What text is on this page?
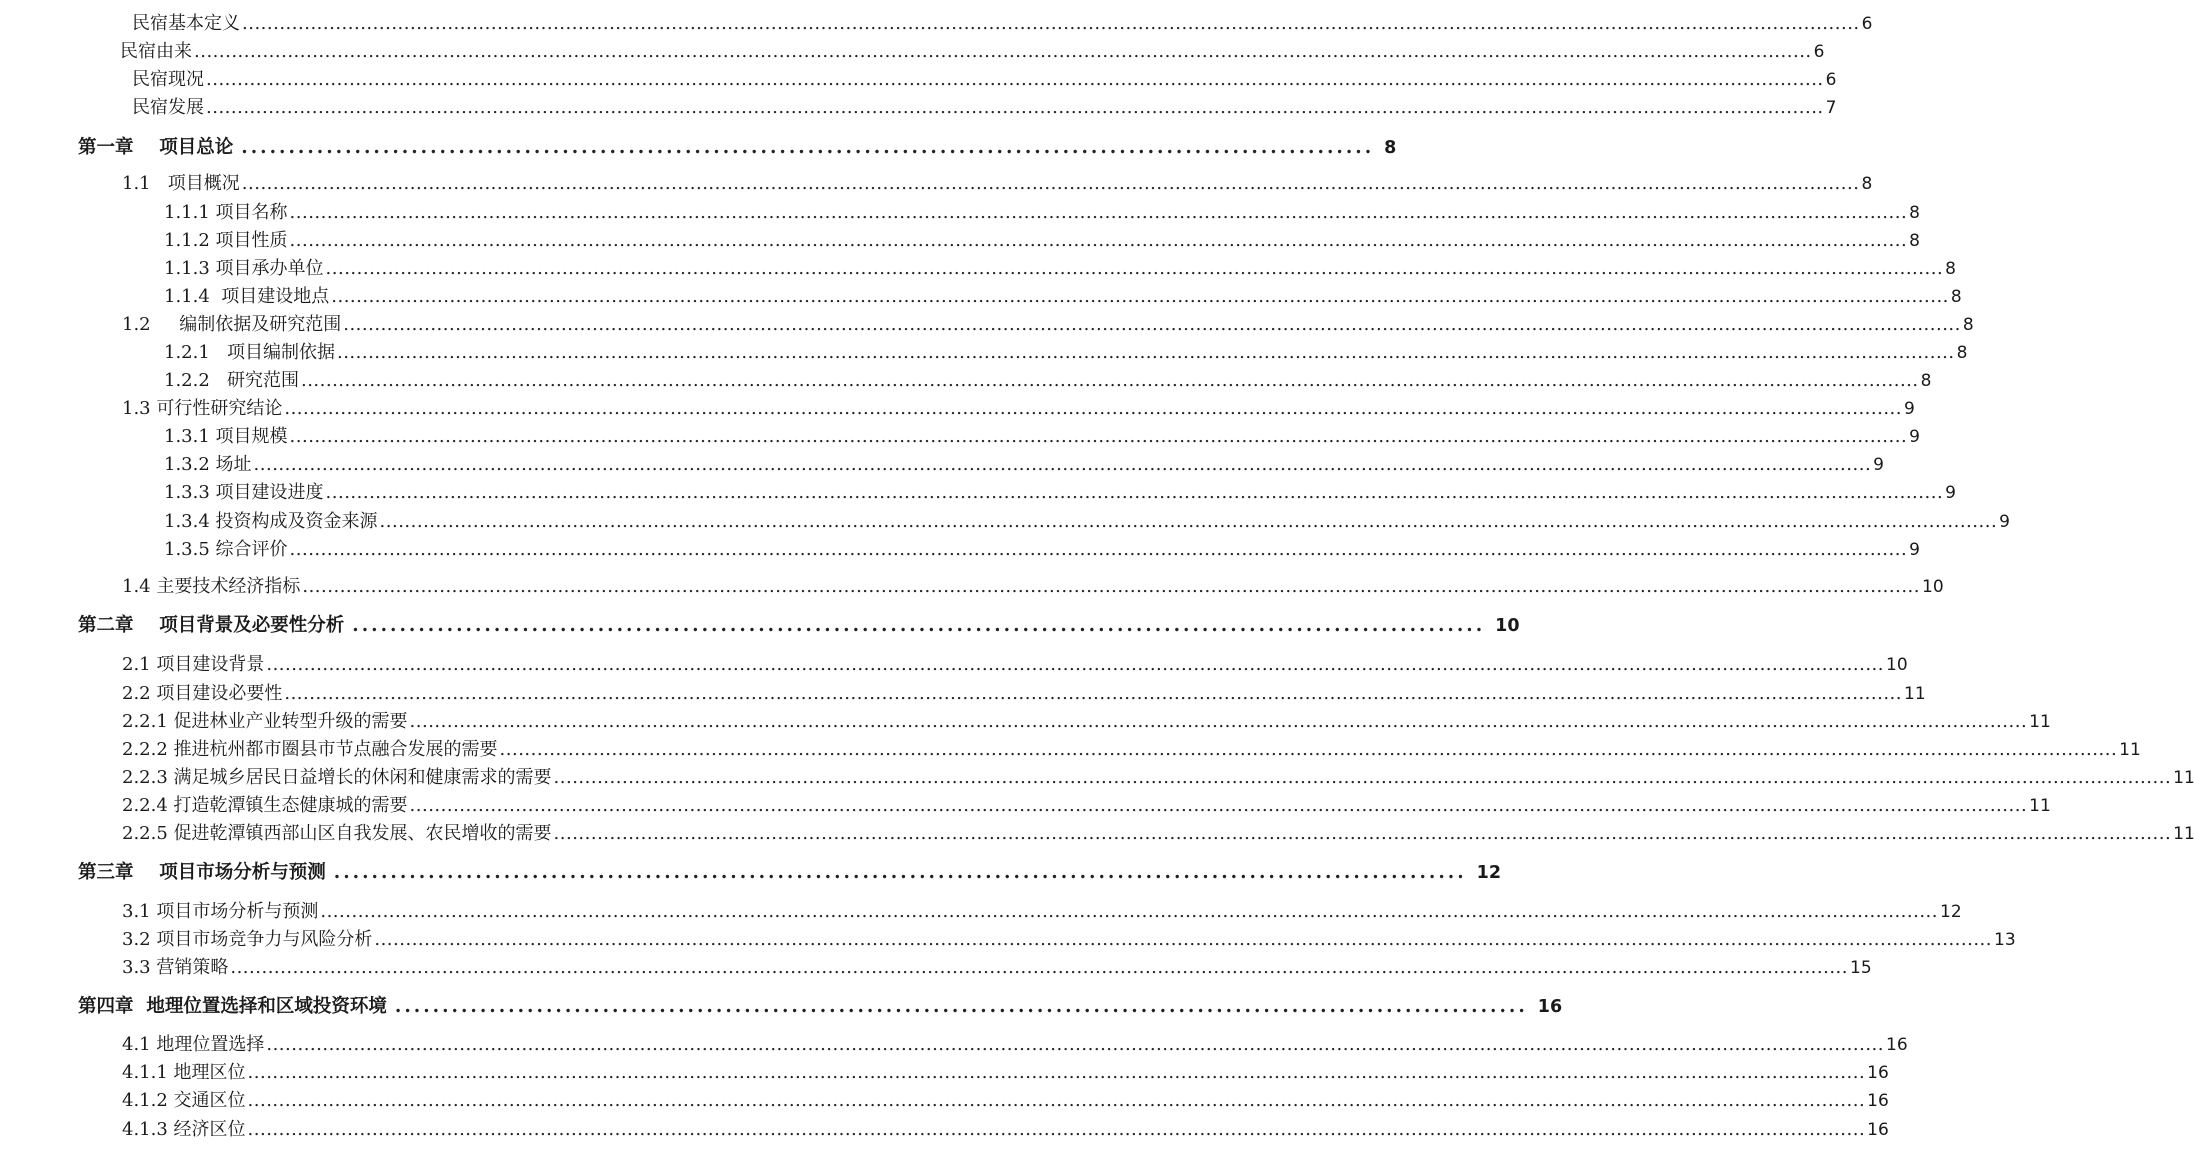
民宿基本定义 .................................................................................................................................................................................................................................................................... 6
民宿由来 .................................................................................................................................................................................................................................................................... 6
民宿现况 .................................................................................................................................................................................................................................................................... 6
民宿发展 .................................................................................................................................................................................................................................................................... 7
第一章    项目总论 ........................................................................................................................ 8
1.1   项目概况 .................................................................................................................................................................................................................................................................... 8
1.1.1 项目名称 .................................................................................................................................................................................................................................................................... 8
1.1.2 项目性质 .................................................................................................................................................................................................................................................................... 8
1.1.3 项目承办单位 .................................................................................................................................................................................................................................................................... 8
1.1.4  项目建设地点 .................................................................................................................................................................................................................................................................... 8
1.2     编制依据及研究范围 .................................................................................................................................................................................................................................................................... 8
1.2.1   项目编制依据 .................................................................................................................................................................................................................................................................... 8
1.2.2   研究范围 .................................................................................................................................................................................................................................................................... 8
1.3 可行性研究结论 .................................................................................................................................................................................................................................................................... 9
1.3.1 项目规模 .................................................................................................................................................................................................................................................................... 9
1.3.2 场址 .................................................................................................................................................................................................................................................................... 9
1.3.3 项目建设进度 .................................................................................................................................................................................................................................................................... 9
1.3.4 投资构成及资金来源 .................................................................................................................................................................................................................................................................... 9
1.3.5 综合评价 .................................................................................................................................................................................................................................................................... 9
1.4 主要技术经济指标 .................................................................................................................................................................................................................................................................... 10
第二章    项目背景及必要性分析 ........................................................................................................................ 10
2.1 项目建设背景 .................................................................................................................................................................................................................................................................... 10
2.2 项目建设必要性 .................................................................................................................................................................................................................................................................... 11
2.2.1 促进林业产业转型升级的需要 .................................................................................................................................................................................................................................................................... 11
2.2.2 推进杭州都市圈县市节点融合发展的需要 .................................................................................................................................................................................................................................................................... 11
2.2.3 满足城乡居民日益增长的休闲和健康需求的需要 .................................................................................................................................................................................................................................................................... 11
2.2.4 打造乾潭镇生态健康城的需要 .................................................................................................................................................................................................................................................................... 11
2.2.5 促进乾潭镇西部山区自我发展、农民增收的需要 .................................................................................................................................................................................................................................................................... 11
第三章    项目市场分析与预测 ........................................................................................................................ 12
3.1 项目市场分析与预测 .................................................................................................................................................................................................................................................................... 12
3.2 项目市场竞争力与风险分析 .................................................................................................................................................................................................................................................................... 13
3.3 营销策略 .................................................................................................................................................................................................................................................................... 15
第四章  地理位置选择和区域投资环境 ........................................................................................................................ 16
4.1 地理位置选择 .................................................................................................................................................................................................................................................................... 16
4.1.1 地理区位 .................................................................................................................................................................................................................................................................... 16
4.1.2 交通区位 .................................................................................................................................................................................................................................................................... 16
4.1.3 经济区位 .................................................................................................................................................................................................................................................................... 16
